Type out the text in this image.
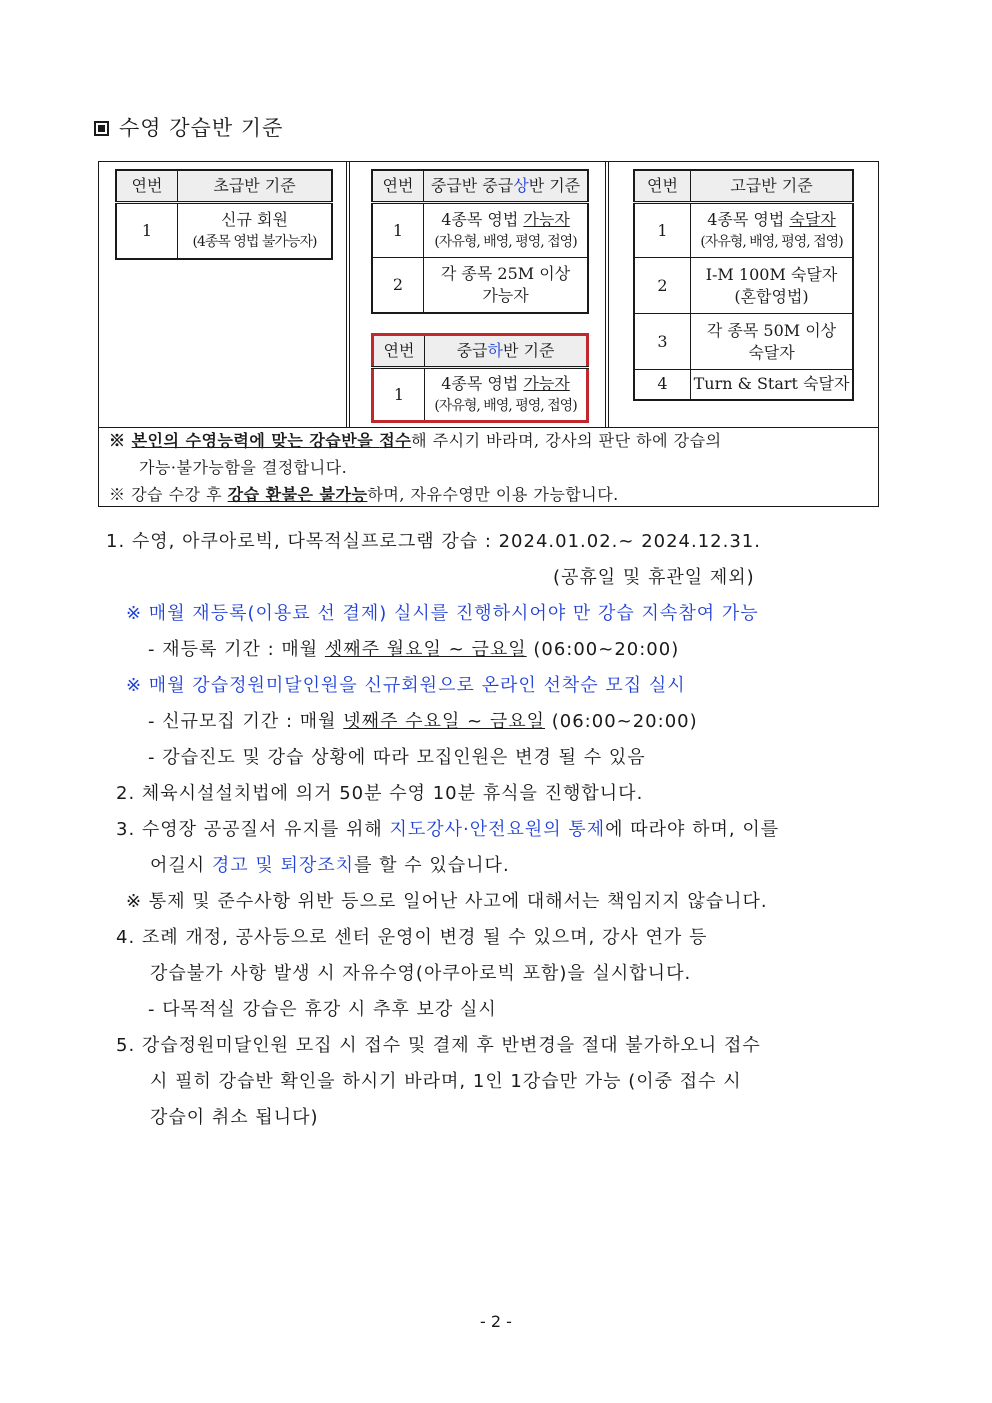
수영 강습반 기준
연번	초급반 기준
1	신규 회원
(4종목 영법 불가능자)
연번	중급반 중급상반 기준
1	4종목 영법 가능자
(자유형, 배영, 평영, 접영)

2	각 종목 25M 이상
가능자
연번	중급하반 기준
1	4종목 영법 가능자
(자유형, 배영, 평영, 접영)
연번	고급반 기준
1	4종목 영법 숙달자
(자유형, 배영, 평영, 접영)

2	I-M 100M 숙달자
(혼합영법)

3	각 종목 50M 이상
숙달자

4	Turn & Start 숙달자
※ 본인의 수영능력에 맞는 강습반을 접수해 주시기 바라며, 강사의 판단 하에 강습의
가능·불가능함을 결정합니다.
※ 강습 수강 후 강습 환불은 불가능하며, 자유수영만 이용 가능합니다.
1. 수영, 아쿠아로빅, 다목적실프로그램 강습 : 2024.01.02.~ 2024.12.31.
(공휴일 및 휴관일 제외)
※ 매월 재등록(이용료 선 결제) 실시를 진행하시어야 만 강습 지속참여 가능
- 재등록 기간 : 매월 셋째주 월요일 ~ 금요일 (06:00~20:00)
※ 매월 강습정원미달인원을 신규회원으로 온라인 선착순 모집 실시
- 신규모집 기간 : 매월 넷째주 수요일 ~ 금요일 (06:00~20:00)
- 강습진도 및 강습 상황에 따라 모집인원은 변경 될 수 있음
2. 체육시설설치법에 의거 50분 수영 10분 휴식을 진행합니다.
3. 수영장 공공질서 유지를 위해 지도강사·안전요원의 통제에 따라야 하며, 이를
어길시 경고 및 퇴장조치를 할 수 있습니다.
※ 통제 및 준수사항 위반 등으로 일어난 사고에 대해서는 책임지지 않습니다.
4. 조례 개정, 공사등으로 센터 운영이 변경 될 수 있으며, 강사 연가 등
강습불가 사항 발생 시 자유수영(아쿠아로빅 포함)을 실시합니다.
- 다목적실 강습은 휴강 시 추후 보강 실시
5. 강습정원미달인원 모집 시 접수 및 결제 후 반변경을 절대 불가하오니 접수
시 필히 강습반 확인을 하시기 바라며, 1인 1강습만 가능 (이중 접수 시
강습이 취소 됩니다)
- 2 -
